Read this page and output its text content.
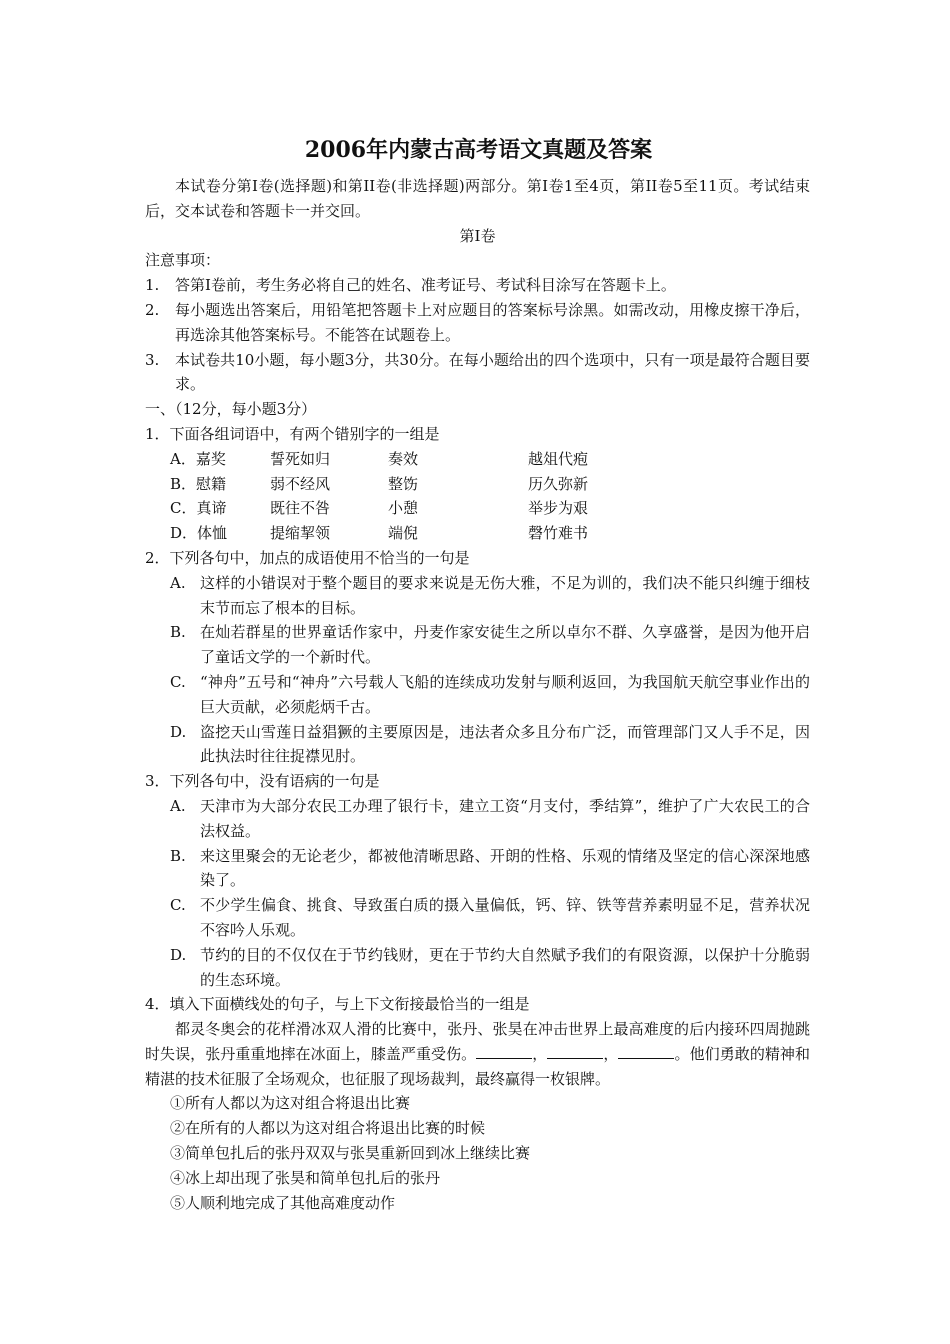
2006年内蒙古高考语文真题及答案

本试卷分第I卷(选择题)和第II卷(非选择题)两部分。第I卷1至4页，第II卷5至11页。考试结束后，交本试卷和答题卡一并交回。

第I卷

注意事项：

1. 答第I卷前，考生务必将自己的姓名、准考证号、考试科目涂写在答题卡上。

2. 每小题选出答案后，用铅笔把答题卡上对应题目的答案标号涂黑。如需改动，用橡皮擦干净后，再选涂其他答案标号。不能答在试题卷上。

3. 本试卷共10小题，每小题3分，共30分。在每小题给出的四个选项中，只有一项是最符合题目要求。

一、（12分，每小题3分）

1．下面各组词语中，有两个错别字的一组是

A．嘉奖	誓死如归	奏效	越俎代疱
B．慰籍	弱不经风	整饬	历久弥新
C．真谛	既往不咎	小憩	举步为艰
D．体恤	提缩挈领	端倪	磬竹难书

2．下列各句中，加点的成语使用不恰当的一句是

A. 这样的小错误对于整个题目的要求来说是无伤大雅，不足为训的，我们决不能只纠缠于细枝末节而忘了根本的目标。

B. 在灿若群星的世界童话作家中，丹麦作家安徒生之所以卓尔不群、久享盛誉，是因为他开启了童话文学的一个新时代。

C. “神舟”五号和“神舟”六号载人飞船的连续成功发射与顺利返回，为我国航天航空事业作出的巨大贡献，必须彪炳千古。

D. 盗挖天山雪莲日益猖獗的主要原因是，违法者众多且分布广泛，而管理部门又人手不足，因此执法时往往捉襟见肘。

3．下列各句中，没有语病的一句是

A. 天津市为大部分农民工办理了银行卡，建立工资“月支付，季结算”，维护了广大农民工的合法权益。

B. 来这里聚会的无论老少，都被他清晰思路、开朗的性格、乐观的情绪及坚定的信心深深地感染了。

C. 不少学生偏食、挑食、导致蛋白质的摄入量偏低，钙、锌、铁等营养素明显不足，营养状况不容吟人乐观。

D. 节约的目的不仅仅在于节约钱财，更在于节约大自然赋予我们的有限资源，以保护十分脆弱的生态环境。

4．填入下面横线处的句子，与上下文衔接最恰当的一组是

都灵冬奥会的花样滑冰双人滑的比赛中，张丹、张昊在冲击世界上最高难度的后内接环四周抛跳时失误，张丹重重地摔在冰面上，膝盖严重受伤。	，	，	。他们勇敢的精神和精湛的技术征服了全场观众，也征服了现场裁判，最终赢得一枚银牌。

①所有人都以为这对组合将退出比赛

②在所有的人都以为这对组合将退出比赛的时候

③简单包扎后的张丹双双与张昊重新回到冰上继续比赛

④冰上却出现了张昊和简单包扎后的张丹

⑤人顺利地完成了其他高难度动作
